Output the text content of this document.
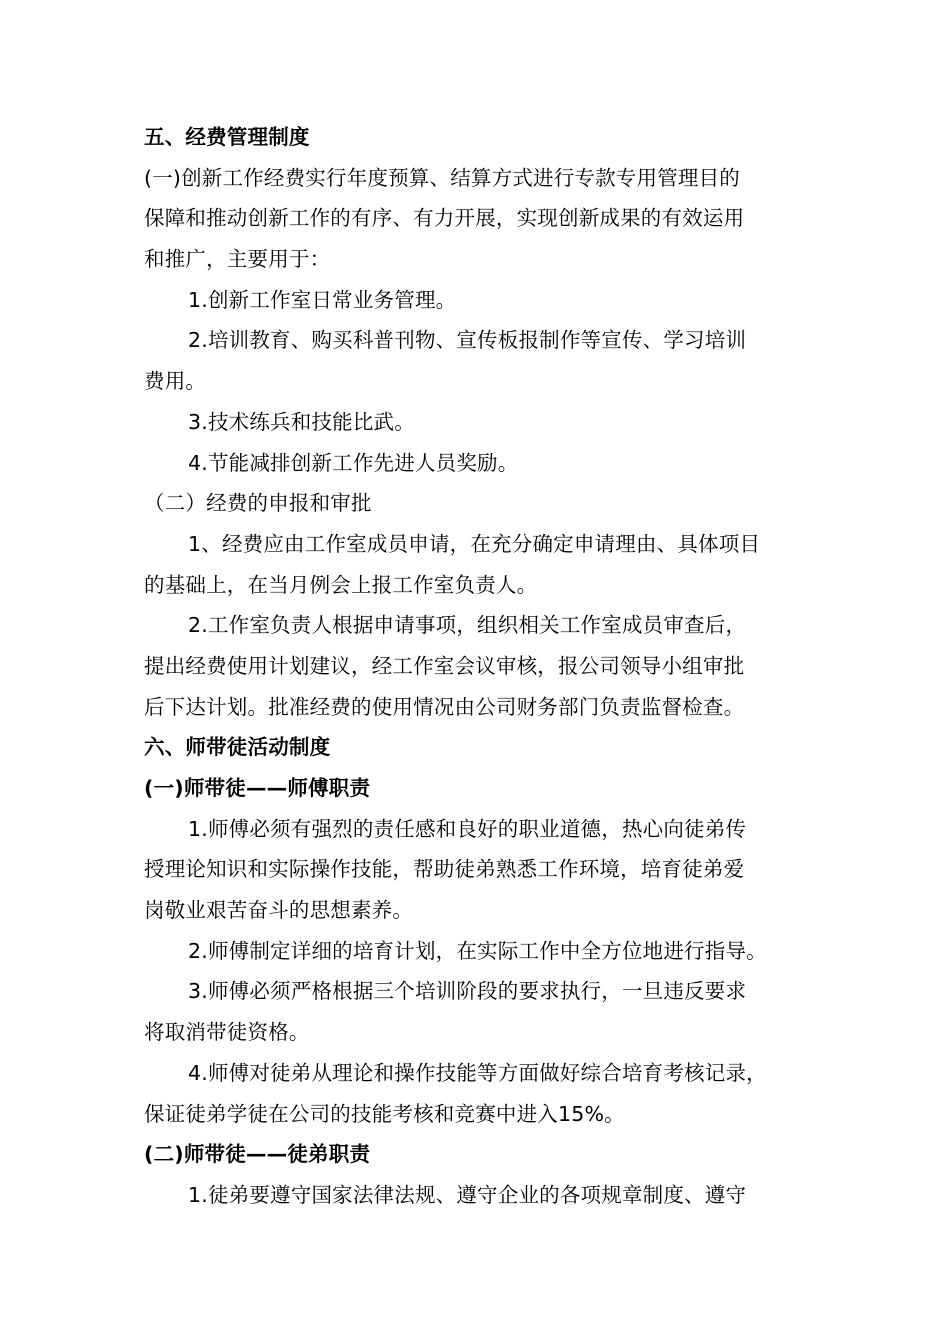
五、经费管理制度
(一)创新工作经费实行年度预算、结算方式进行专款专用管理目的
保障和推动创新工作的有序、有力开展，实现创新成果的有效运用
和推广，主要用于：
1.创新工作室日常业务管理。
2.培训教育、购买科普刊物、宣传板报制作等宣传、学习培训
费用。
3.技术练兵和技能比武。
4.节能减排创新工作先进人员奖励。
（二）经费的申报和审批
1、经费应由工作室成员申请，在充分确定申请理由、具体项目
的基础上，在当月例会上报工作室负责人。
2.工作室负责人根据申请事项，组织相关工作室成员审查后，
提出经费使用计划建议，经工作室会议审核，报公司领导小组审批
后下达计划。批准经费的使用情况由公司财务部门负责监督检查。
六、师带徒活动制度
(一)师带徒——师傅职责
1.师傅必须有强烈的责任感和良好的职业道德，热心向徒弟传
授理论知识和实际操作技能，帮助徒弟熟悉工作环境，培育徒弟爱
岗敬业艰苦奋斗的思想素养。
2.师傅制定详细的培育计划，在实际工作中全方位地进行指导。
3.师傅必须严格根据三个培训阶段的要求执行，一旦违反要求
将取消带徒资格。
4.师傅对徒弟从理论和操作技能等方面做好综合培育考核记录，
保证徒弟学徒在公司的技能考核和竞赛中进入15%。
(二)师带徒——徒弟职责
1.徒弟要遵守国家法律法规、遵守企业的各项规章制度、遵守
